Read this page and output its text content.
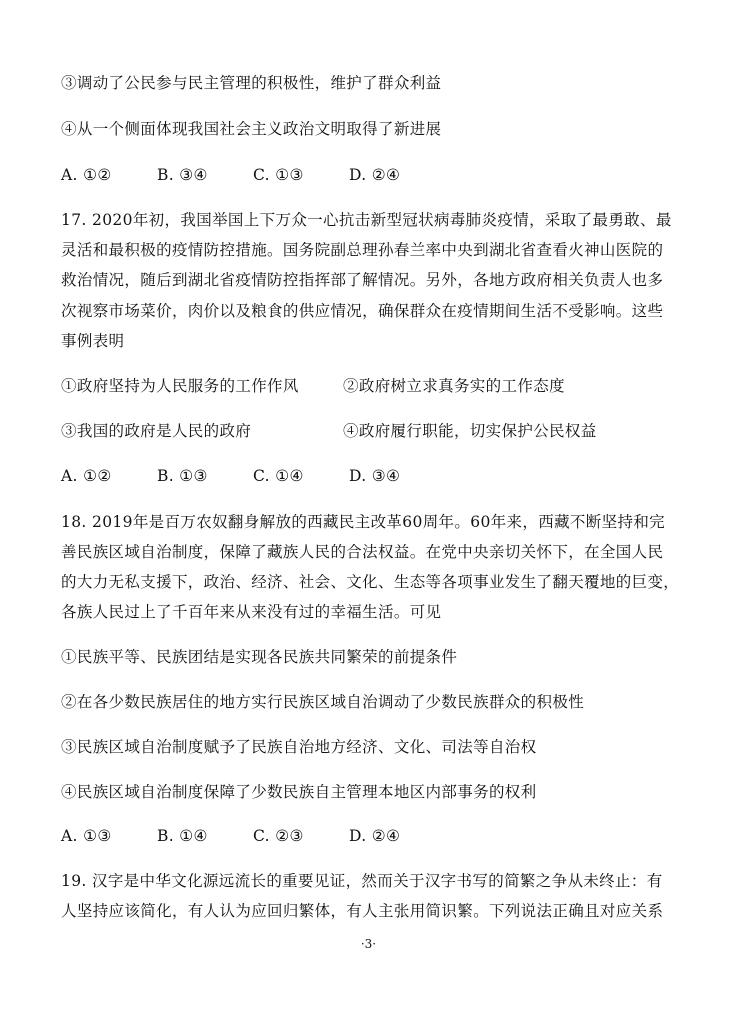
③调动了公民参与民主管理的积极性，维护了群众利益
④从一个侧面体现我国社会主义政治文明取得了新进展
A. ①②	B. ③④	C. ①③	D. ②④
17. 2020年初，我国举国上下万众一心抗击新型冠状病毒肺炎疫情，采取了最勇敢、最
灵活和最积极的疫情防控措施。国务院副总理孙春兰率中央到湖北省查看火神山医院的
救治情况，随后到湖北省疫情防控指挥部了解情况。另外，各地方政府相关负责人也多
次视察市场菜价，肉价以及粮食的供应情况，确保群众在疫情期间生活不受影响。这些
事例表明
①政府坚持为人民服务的工作作风	②政府树立求真务实的工作态度
③我国的政府是人民的政府	④政府履行职能，切实保护公民权益
A. ①②	B. ①③	C. ①④	D. ③④
18. 2019年是百万农奴翻身解放的西藏民主改革60周年。60年来，西藏不断坚持和完
善民族区域自治制度，保障了藏族人民的合法权益。在党中央亲切关怀下，在全国人民
的大力无私支援下，政治、经济、社会、文化、生态等各项事业发生了翻天覆地的巨变，
各族人民过上了千百年来从来没有过的幸福生活。可见
①民族平等、民族团结是实现各民族共同繁荣的前提条件
②在各少数民族居住的地方实行民族区域自治调动了少数民族群众的积极性
③民族区域自治制度赋予了民族自治地方经济、文化、司法等自治权
④民族区域自治制度保障了少数民族自主管理本地区内部事务的权利
A. ①③	B. ①④	C. ②③	D. ②④
19. 汉字是中华文化源远流长的重要见证，然而关于汉字书写的简繁之争从未终止：有
人坚持应该简化，有人认为应回归繁体，有人主张用简识繁。下列说法正确且对应关系
·3·
